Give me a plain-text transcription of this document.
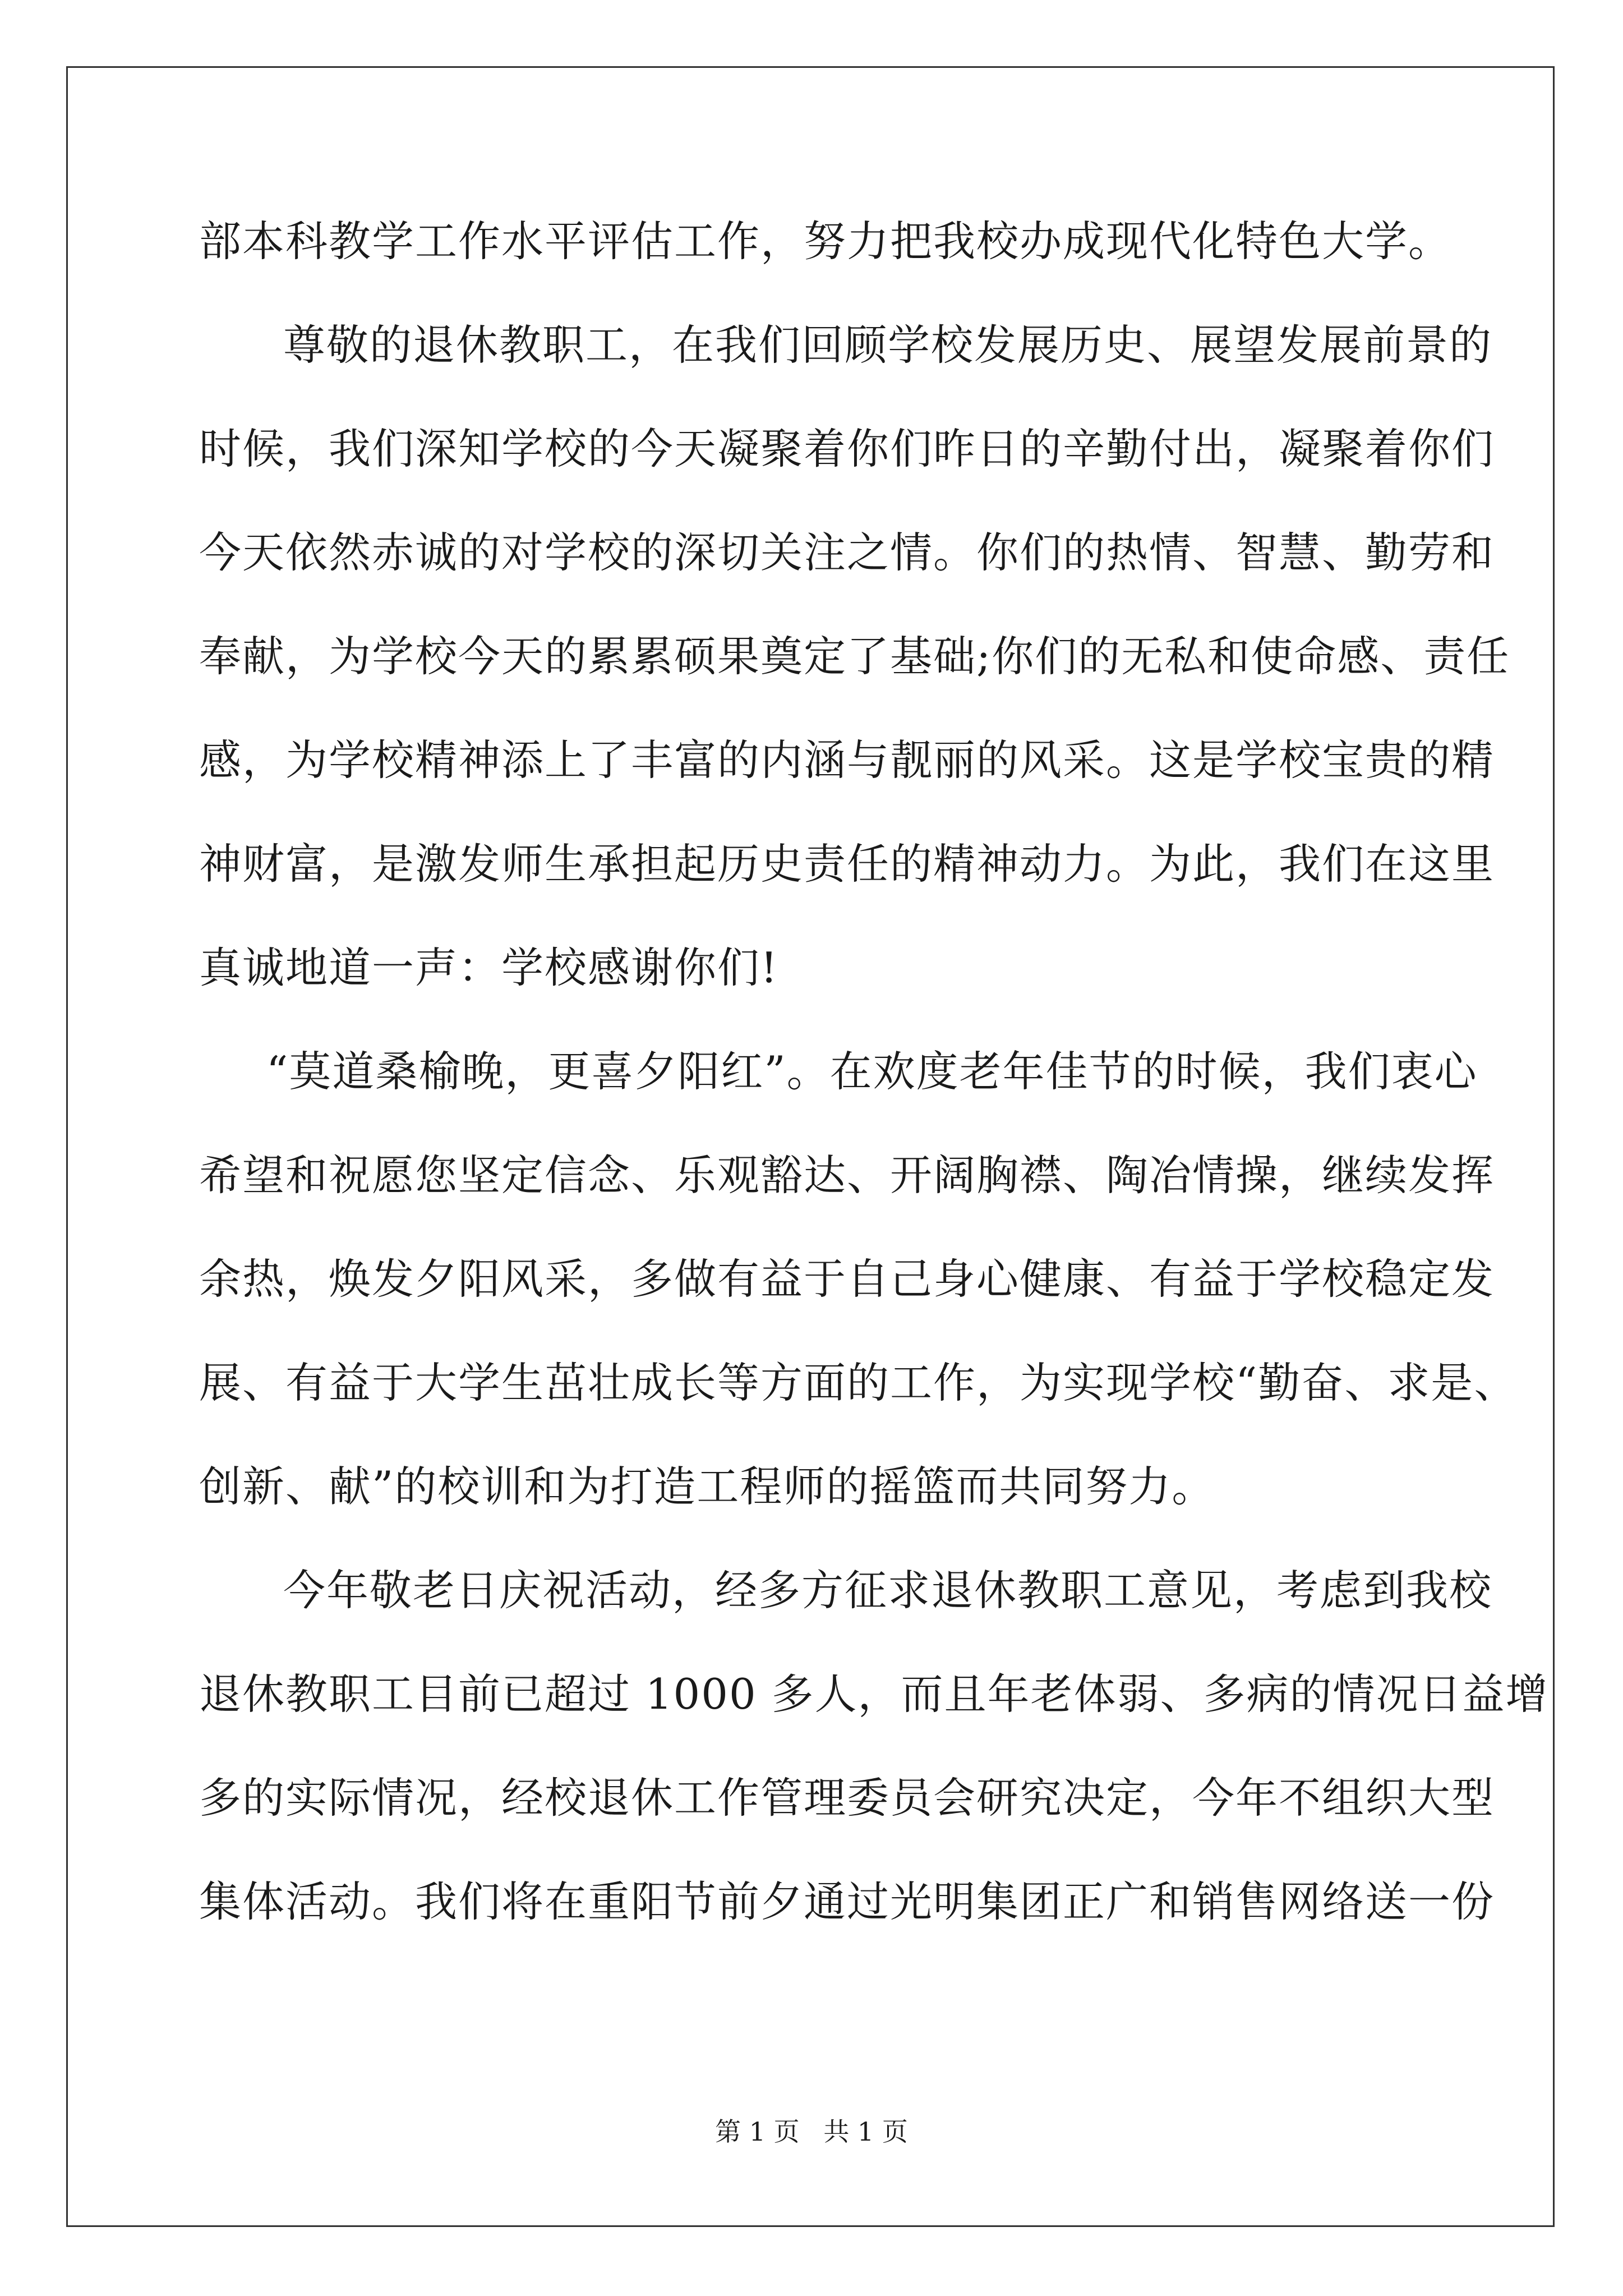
部本科教学工作水平评估工作，努力把我校办成现代化特色大学。
尊敬的退休教职工，在我们回顾学校发展历史、展望发展前景的
时候，我们深知学校的今天凝聚着你们昨日的辛勤付出，凝聚着你们
今天依然赤诚的对学校的深切关注之情。你们的热情、智慧、勤劳和
奉献，为学校今天的累累硕果奠定了基础;你们的无私和使命感、责任
感，为学校精神添上了丰富的内涵与靓丽的风采。这是学校宝贵的精
神财富，是激发师生承担起历史责任的精神动力。为此，我们在这里
真诚地道一声：学校感谢你们!
“莫道桑榆晚，更喜夕阳红”。在欢度老年佳节的时候，我们衷心
希望和祝愿您坚定信念、乐观豁达、开阔胸襟、陶冶情操，继续发挥
余热，焕发夕阳风采，多做有益于自己身心健康、有益于学校稳定发
展、有益于大学生茁壮成长等方面的工作，为实现学校“勤奋、求是、
创新、献”的校训和为打造工程师的摇篮而共同努力。
今年敬老日庆祝活动，经多方征求退休教职工意见，考虑到我校
退休教职工目前已超过 1000 多人，而且年老体弱、多病的情况日益增
多的实际情况，经校退休工作管理委员会研究决定，今年不组织大型
集体活动。我们将在重阳节前夕通过光明集团正广和销售网络送一份
第 1 页 共 1 页
